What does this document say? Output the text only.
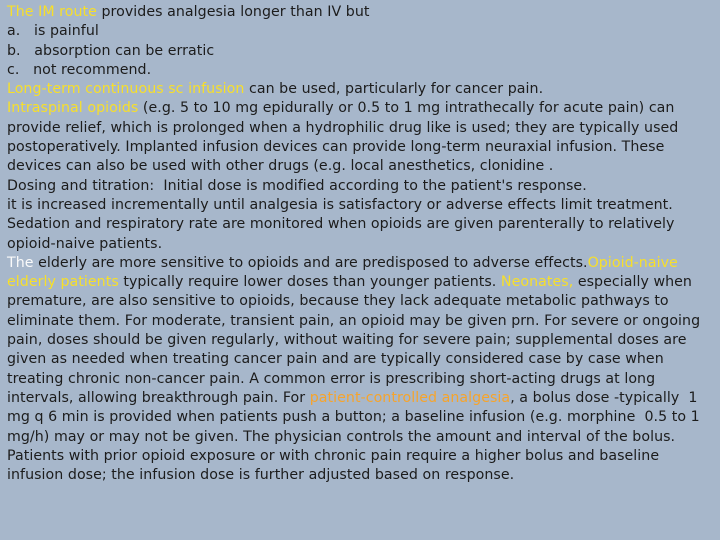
The IM route provides analgesia longer than IV but
a.   is painful
b.   absorption can be erratic
c.   not recommend.
Long-term continuous sc infusion can be used, particularly for cancer pain.
Intraspinal opioids (e.g. 5 to 10 mg epidurally or 0.5 to 1 mg intrathecally for acute pain) can
provide relief, which is prolonged when a hydrophilic drug like is used; they are typically used
postoperatively. Implanted infusion devices can provide long-term neuraxial infusion. These
devices can also be used with other drugs (e.g. local anesthetics, clonidine .
Dosing and titration:  Initial dose is modified according to the patient's response.
it is increased incrementally until analgesia is satisfactory or adverse effects limit treatment.
Sedation and respiratory rate are monitored when opioids are given parenterally to relatively
opioid-naive patients.
The elderly are more sensitive to opioids and are predisposed to adverse effects.Opioid-naive
elderly patients typically require lower doses than younger patients. Neonates, especially when
premature, are also sensitive to opioids, because they lack adequate metabolic pathways to
eliminate them. For moderate, transient pain, an opioid may be given prn. For severe or ongoing
pain, doses should be given regularly, without waiting for severe pain; supplemental doses are
given as needed when treating cancer pain and are typically considered case by case when
treating chronic non-cancer pain. A common error is prescribing short-acting drugs at long
intervals, allowing breakthrough pain. For patient-controlled analgesia, a bolus dose -typically  1
mg q 6 min is provided when patients push a button; a baseline infusion (e.g. morphine  0.5 to 1
mg/h) may or may not be given. The physician controls the amount and interval of the bolus.
Patients with prior opioid exposure or with chronic pain require a higher bolus and baseline
infusion dose; the infusion dose is further adjusted based on response.
